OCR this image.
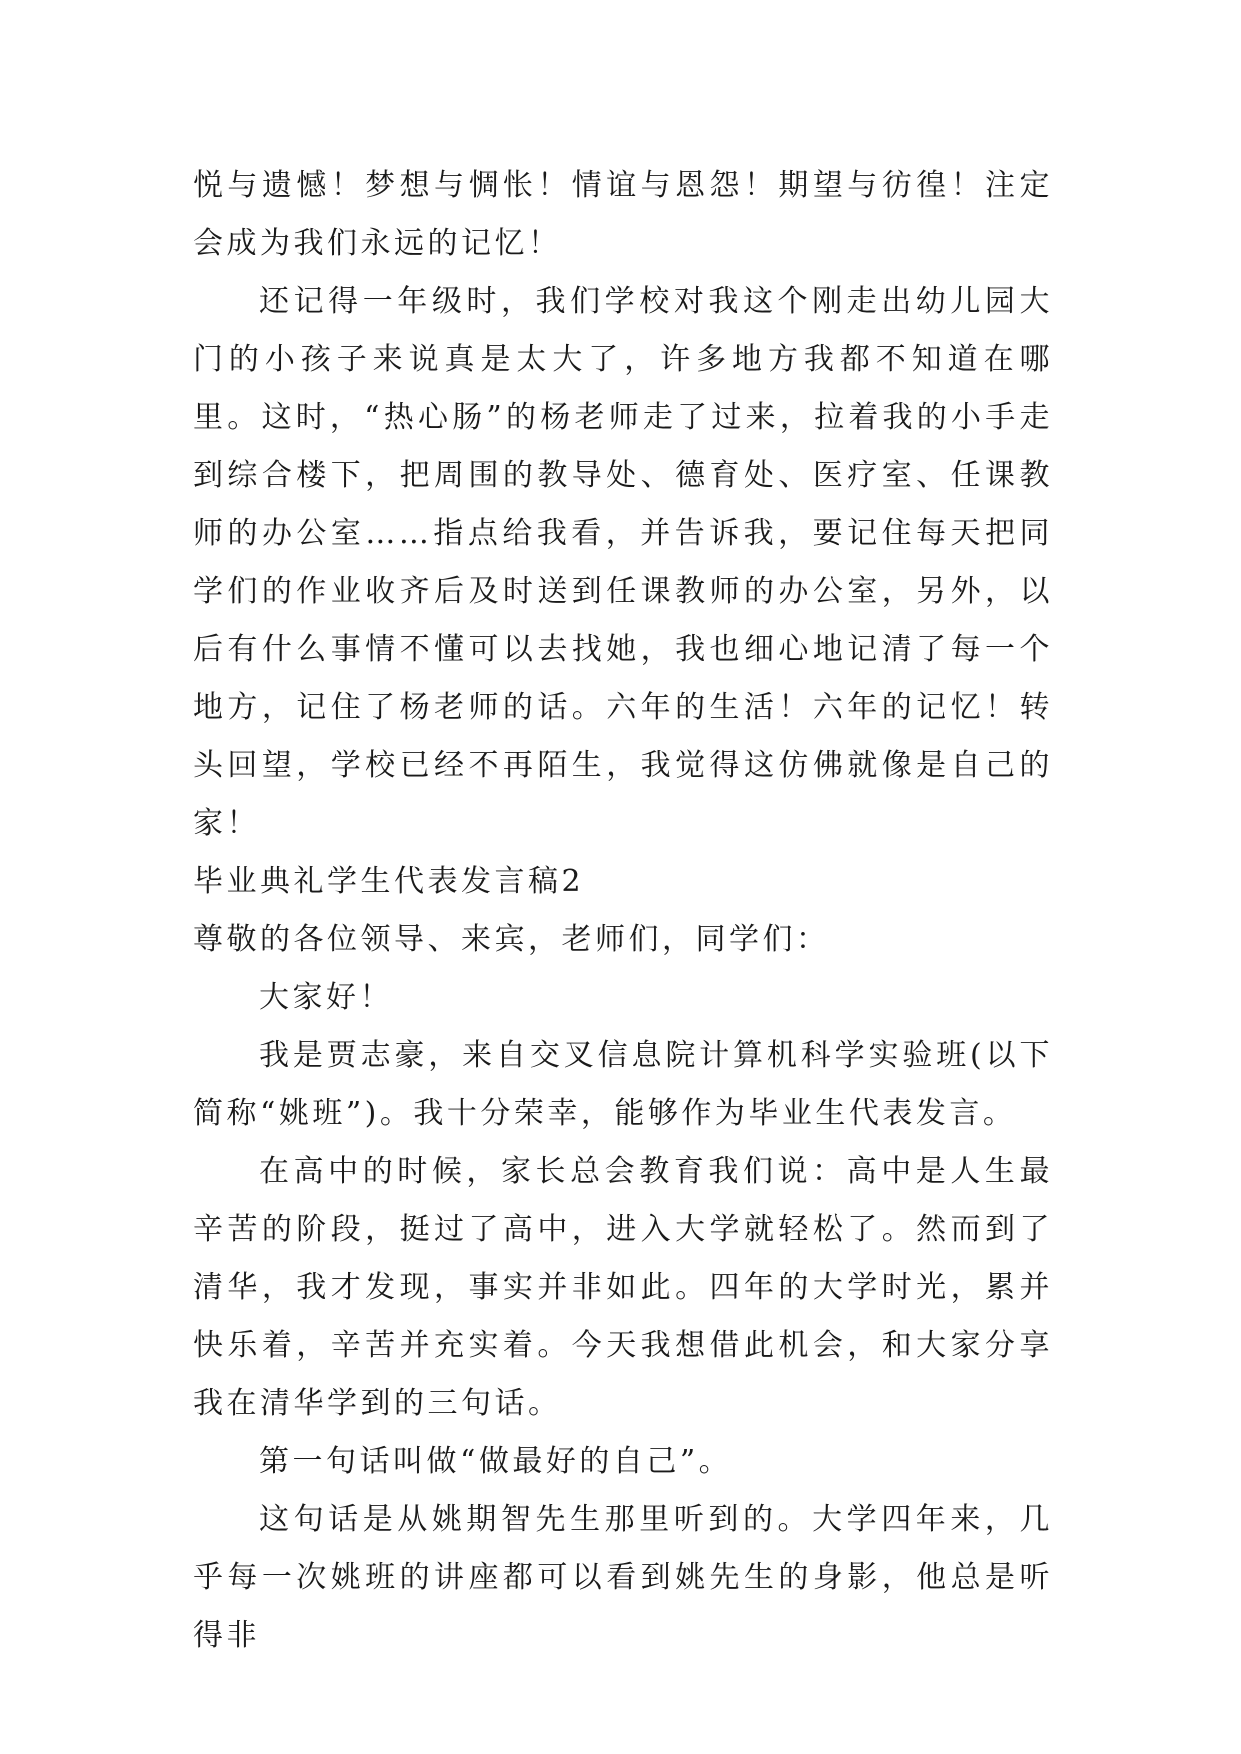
悦与遗憾！梦想与惆怅！情谊与恩怨！期望与彷徨！注定会成为我们永远的记忆！

还记得一年级时，我们学校对我这个刚走出幼儿园大门的小孩子来说真是太大了，许多地方我都不知道在哪里。这时，“热心肠”的杨老师走了过来，拉着我的小手走到综合楼下，把周围的教导处、德育处、医疗室、任课教师的办公室……指点给我看，并告诉我，要记住每天把同学们的作业收齐后及时送到任课教师的办公室，另外，以后有什么事情不懂可以去找她，我也细心地记清了每一个地方，记住了杨老师的话。六年的生活！六年的记忆！转头回望，学校已经不再陌生，我觉得这仿佛就像是自己的家！

毕业典礼学生代表发言稿2

尊敬的各位领导、来宾，老师们，同学们：

大家好！

我是贾志豪，来自交叉信息院计算机科学实验班(以下简称“姚班”)。我十分荣幸，能够作为毕业生代表发言。

在高中的时候，家长总会教育我们说：高中是人生最辛苦的阶段，挺过了高中，进入大学就轻松了。然而到了清华，我才发现，事实并非如此。四年的大学时光，累并快乐着，辛苦并充实着。今天我想借此机会，和大家分享我在清华学到的三句话。

第一句话叫做“做最好的自己”。

这句话是从姚期智先生那里听到的。大学四年来，几乎每一次姚班的讲座都可以看到姚先生的身影，他总是听得非
